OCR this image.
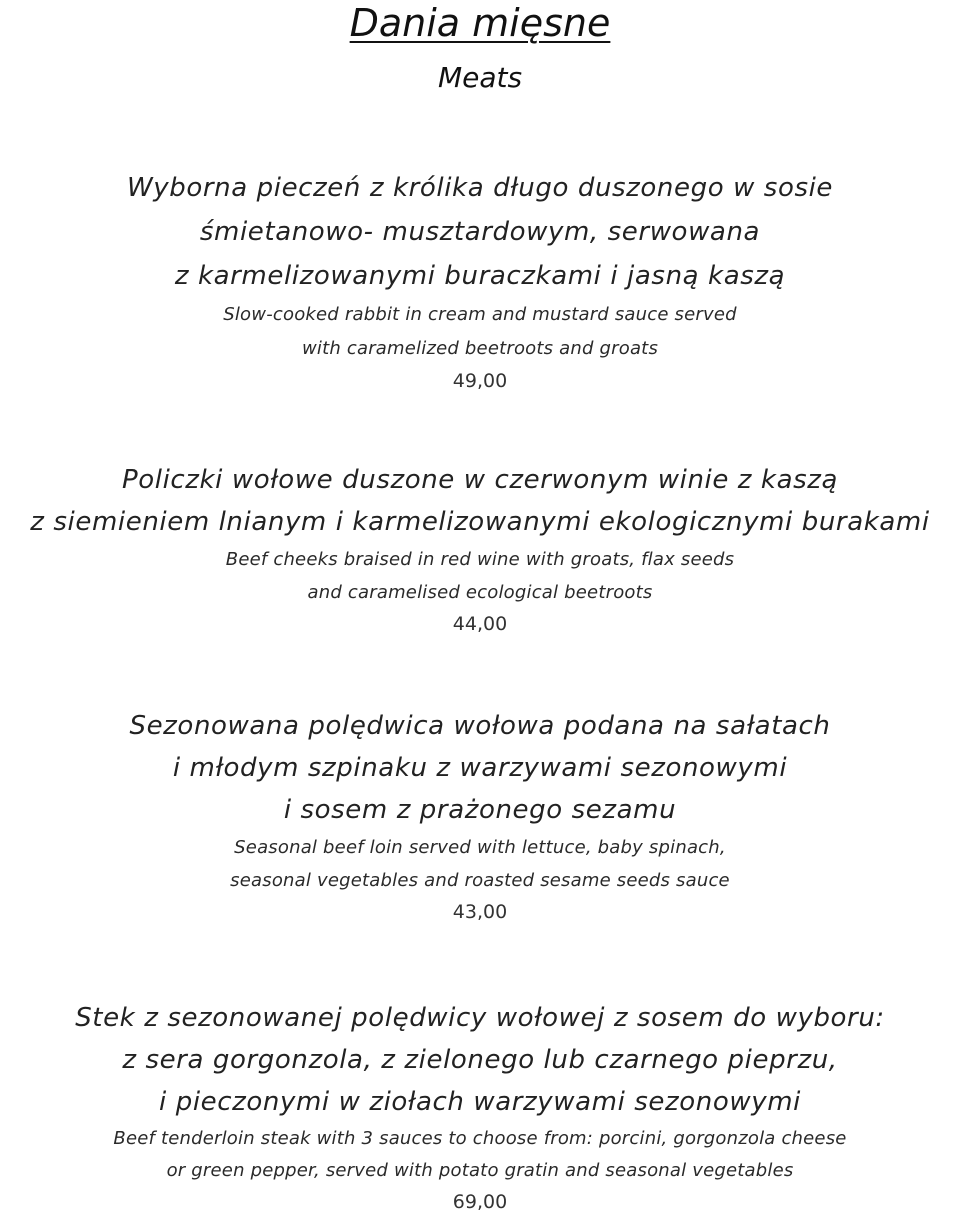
Dania mięsne
Meats
Wyborna pieczeń z królika długo duszonego w sosie
śmietanowo- musztardowym, serwowana
z karmelizowanymi buraczkami i jasną kaszą
Slow-cooked rabbit in cream and mustard sauce served
with caramelized beetroots and groats
49,00
Policzki wołowe duszone w czerwonym winie z kaszą
z siemieniem lnianym i karmelizowanymi ekologicznymi burakami
Beef cheeks braised in red wine with groats, flax seeds
and caramelised ecological beetroots
44,00
Sezonowana polędwica wołowa podana na sałatach
i młodym szpinaku z warzywami sezonowymi
i sosem z prażonego sezamu
Seasonal beef loin served with lettuce, baby spinach,
seasonal vegetables and roasted sesame seeds sauce
43,00
Stek z sezonowanej polędwicy wołowej z sosem do wyboru:
z sera gorgonzola, z zielonego lub czarnego pieprzu,
i pieczonymi w ziołach warzywami sezonowymi
Beef tenderloin steak with 3 sauces to choose from: porcini, gorgonzola cheese
or green pepper, served with potato gratin and seasonal vegetables
69,00
